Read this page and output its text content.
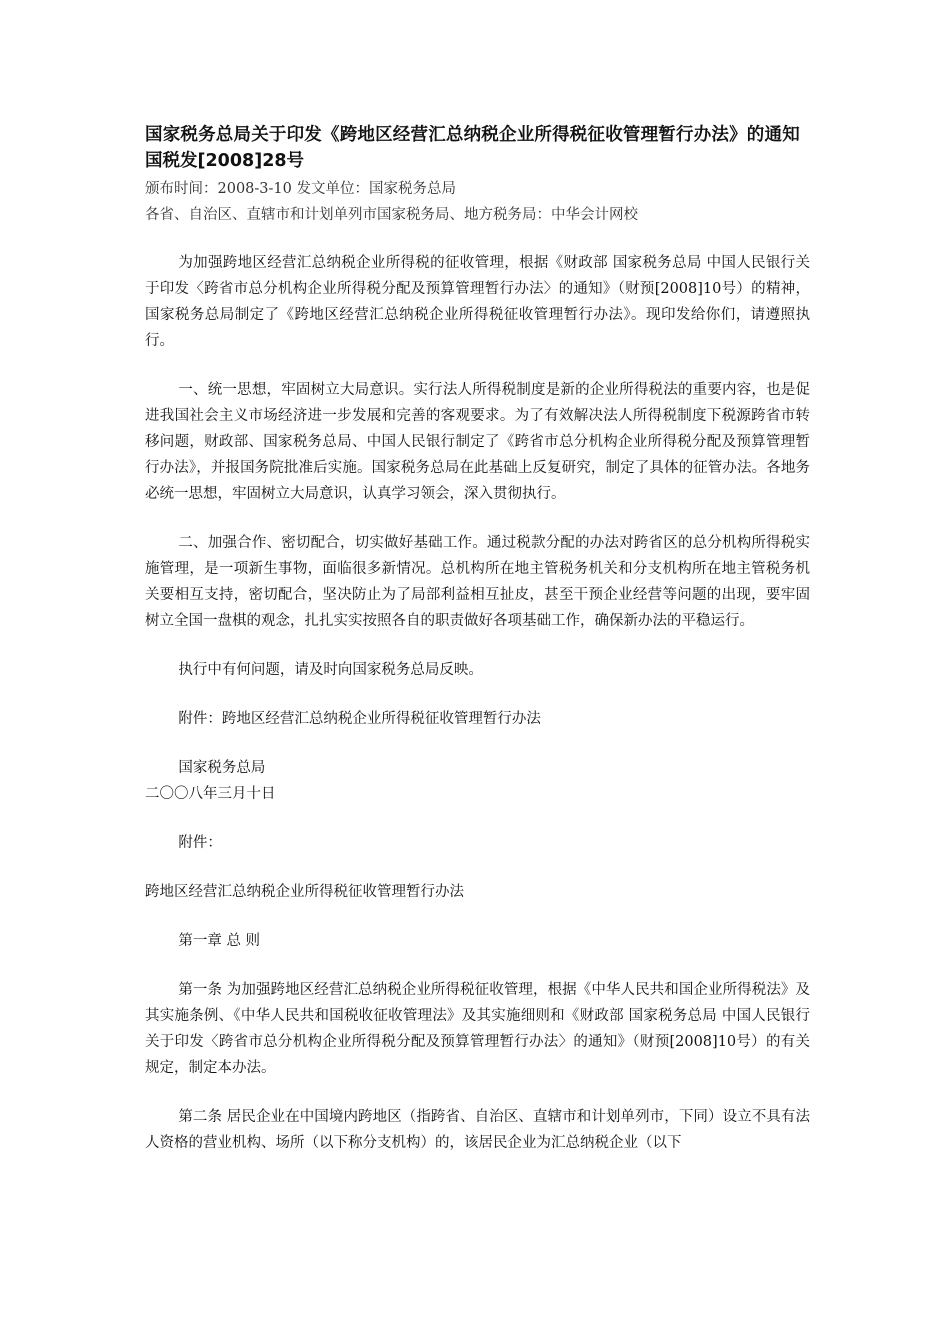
国家税务总局关于印发《跨地区经营汇总纳税企业所得税征收管理暂行办法》的通知
国税发[2008]28号

颁布时间：2008-3-10 发文单位：国家税务总局

各省、自治区、直辖市和计划单列市国家税务局、地方税务局：中华会计网校

为加强跨地区经营汇总纳税企业所得税的征收管理，根据《财政部 国家税务总局 中国人民银行关于印发〈跨省市总分机构企业所得税分配及预算管理暂行办法〉的通知》（财预[2008]10号）的精神，国家税务总局制定了《跨地区经营汇总纳税企业所得税征收管理暂行办法》。现印发给你们，请遵照执行。

一、统一思想，牢固树立大局意识。实行法人所得税制度是新的企业所得税法的重要内容，也是促进我国社会主义市场经济进一步发展和完善的客观要求。为了有效解决法人所得税制度下税源跨省市转移问题，财政部、国家税务总局、中国人民银行制定了《跨省市总分机构企业所得税分配及预算管理暂行办法》，并报国务院批准后实施。国家税务总局在此基础上反复研究，制定了具体的征管办法。各地务必统一思想，牢固树立大局意识，认真学习领会，深入贯彻执行。

二、加强合作、密切配合，切实做好基础工作。通过税款分配的办法对跨省区的总分机构所得税实施管理，是一项新生事物，面临很多新情况。总机构所在地主管税务机关和分支机构所在地主管税务机关要相互支持，密切配合，坚决防止为了局部利益相互扯皮，甚至干预企业经营等问题的出现，要牢固树立全国一盘棋的观念，扎扎实实按照各自的职责做好各项基础工作，确保新办法的平稳运行。

执行中有何问题，请及时向国家税务总局反映。

附件：跨地区经营汇总纳税企业所得税征收管理暂行办法

国家税务总局

二〇〇八年三月十日

附件：

跨地区经营汇总纳税企业所得税征收管理暂行办法

第一章 总 则

第一条 为加强跨地区经营汇总纳税企业所得税征收管理，根据《中华人民共和国企业所得税法》及其实施条例、《中华人民共和国税收征收管理法》及其实施细则和《财政部 国家税务总局 中国人民银行关于印发〈跨省市总分机构企业所得税分配及预算管理暂行办法〉的通知》（财预[2008]10号）的有关规定，制定本办法。

第二条 居民企业在中国境内跨地区（指跨省、自治区、直辖市和计划单列市，下同）设立不具有法人资格的营业机构、场所（以下称分支机构）的，该居民企业为汇总纳税企业（以下
